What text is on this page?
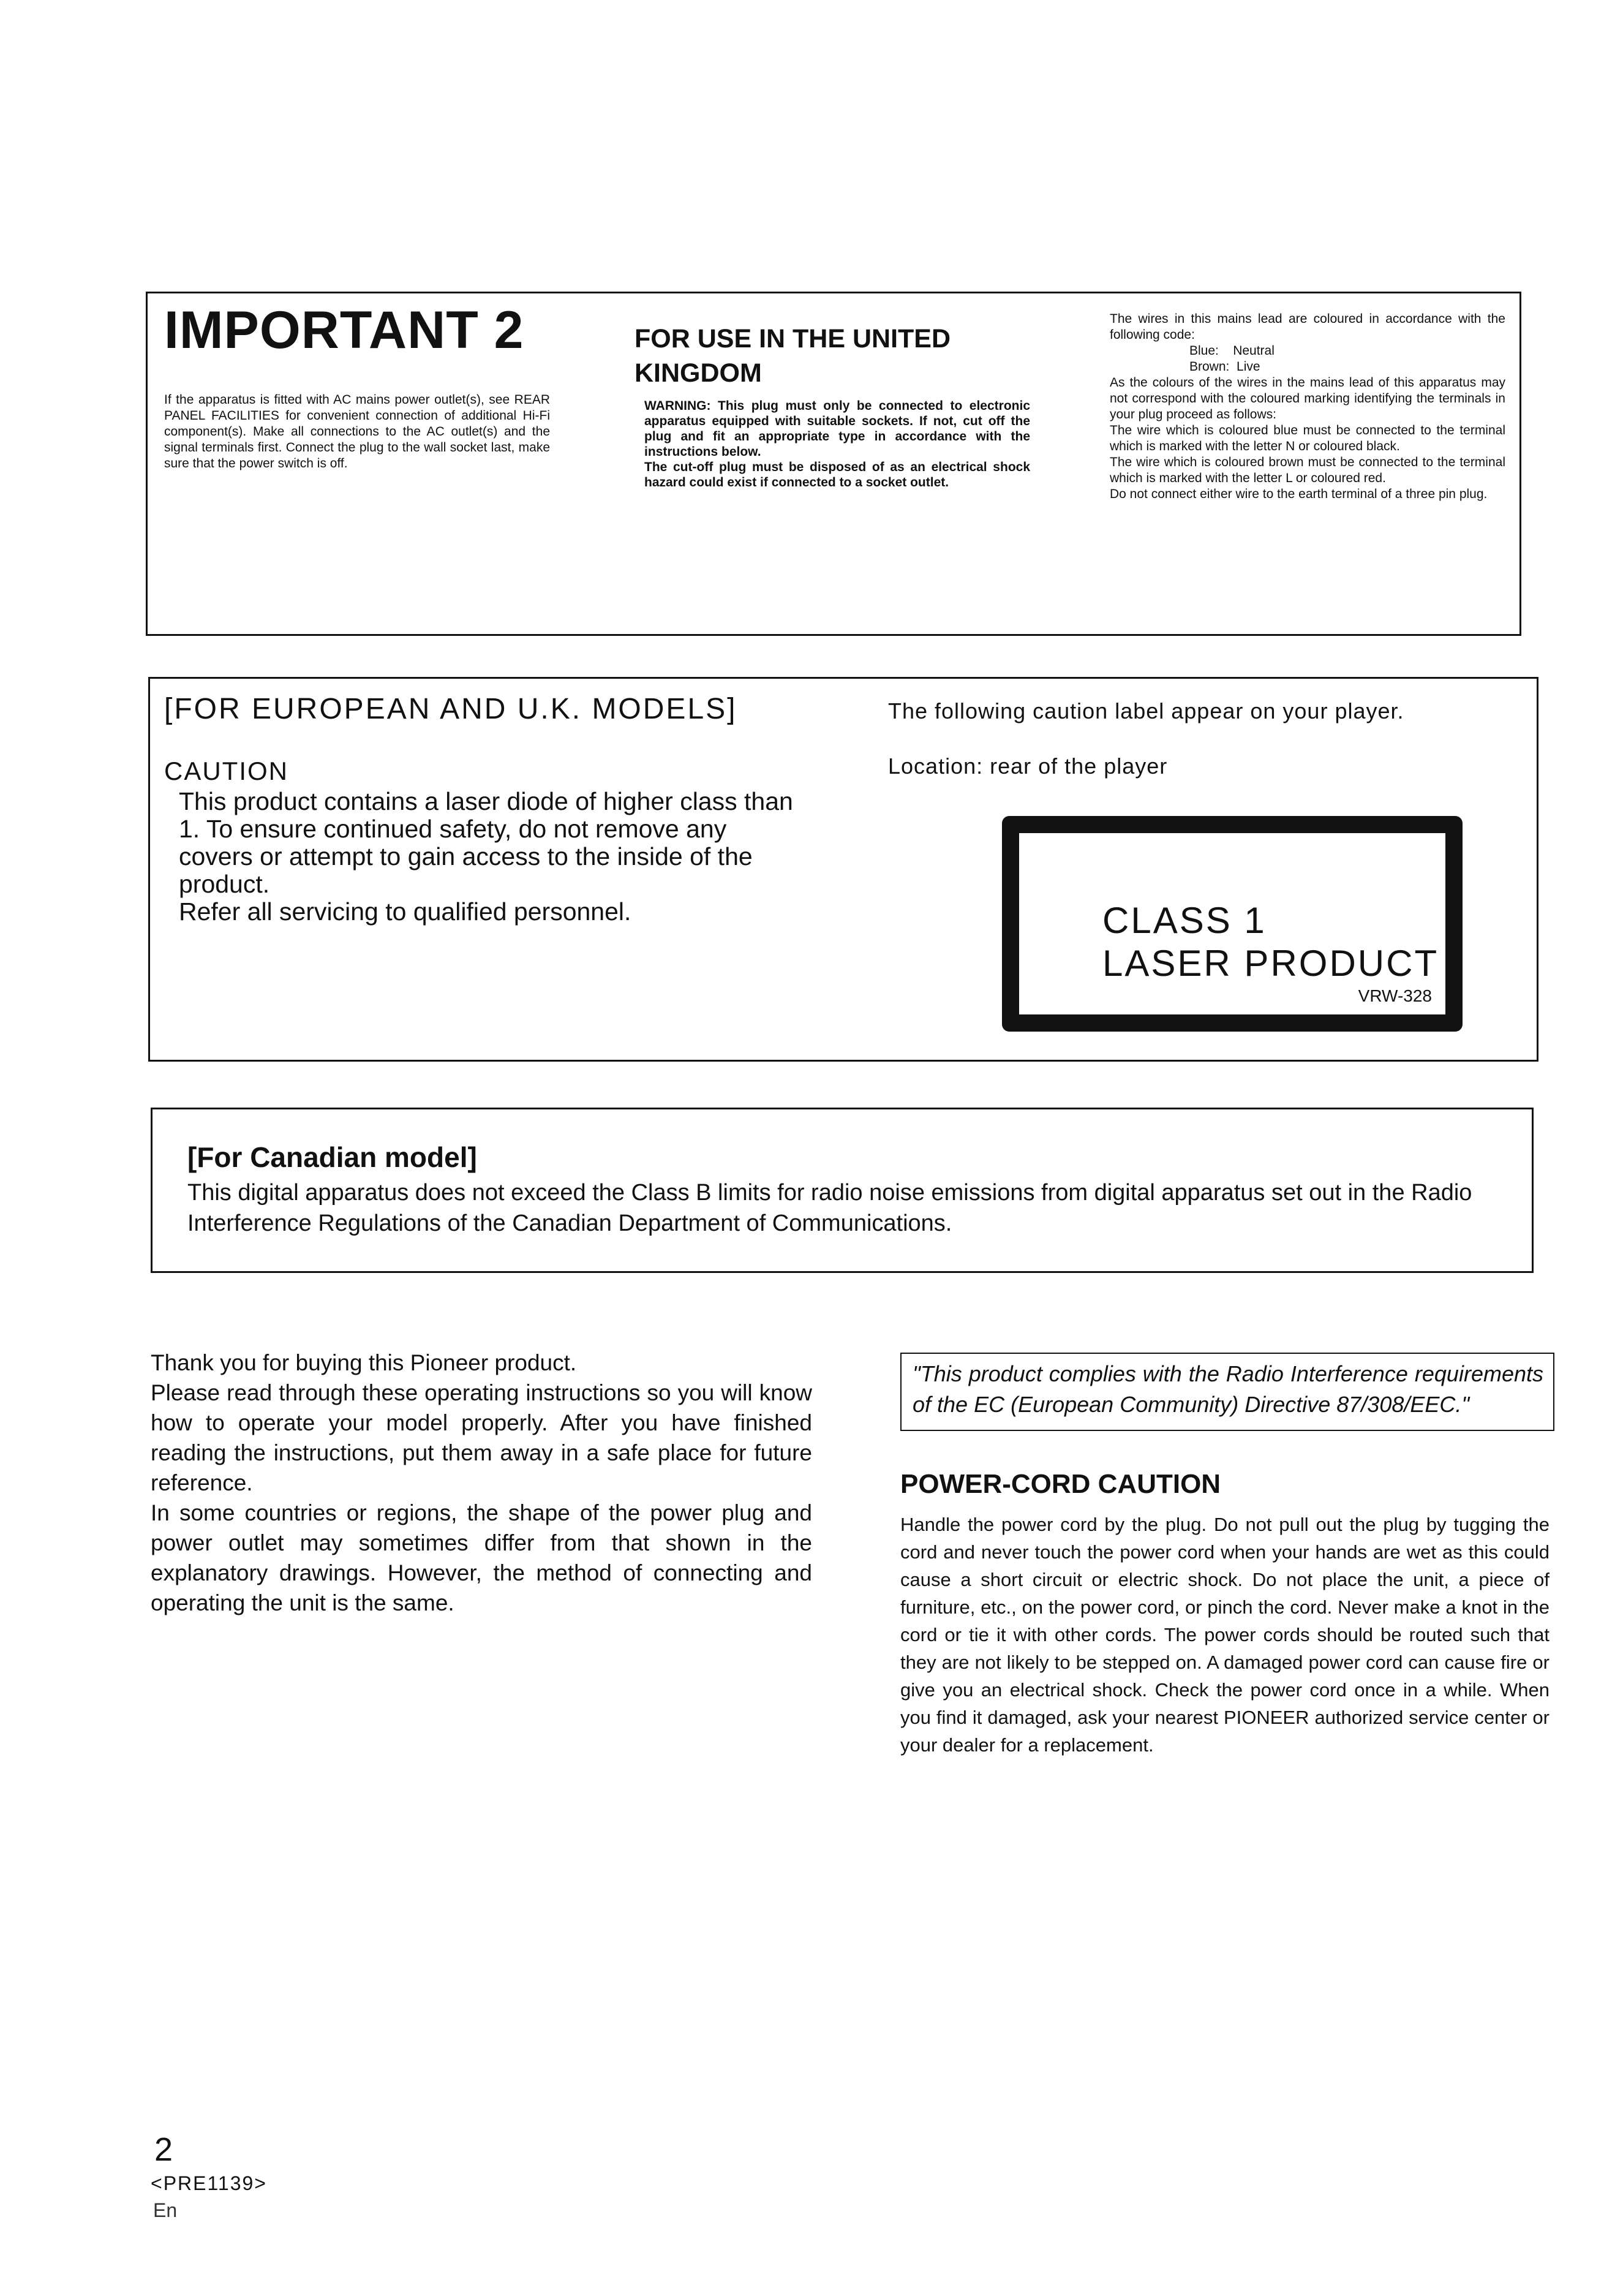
IMPORTANT 2
If the apparatus is fitted with AC mains power outlet(s), see REAR PANEL FACILITIES for convenient connection of additional Hi-Fi component(s). Make all connections to the AC outlet(s) and the signal terminals first. Connect the plug to the wall socket last, make sure that the power switch is off.
FOR USE IN THE UNITED KINGDOM
WARNING: This plug must only be connected to electronic apparatus equipped with suitable sockets. If not, cut off the plug and fit an appropriate type in accordance with the instructions below.
The cut-off plug must be disposed of as an electrical shock hazard could exist if connected to a socket outlet.
The wires in this mains lead are coloured in accordance with the following code:
Blue:    Neutral
Brown:  Live
As the colours of the wires in the mains lead of this apparatus may not correspond with the coloured marking identifying the terminals in your plug proceed as follows:
The wire which is coloured blue must be connected to the terminal which is marked with the letter N or coloured black.
The wire which is coloured brown must be connected to the terminal which is marked with the letter L or coloured red.
Do not connect either wire to the earth terminal of a three pin plug.
[FOR EUROPEAN AND U.K. MODELS]
CAUTION
This product contains a laser diode of higher class than 1. To ensure continued safety, do not remove any covers or attempt to gain access to the inside of the product.
Refer all servicing to qualified personnel.
The following caution label appear on your player.
Location: rear of the player
CLASS 1
LASER PRODUCT
VRW-328
[For Canadian model]
This digital apparatus does not exceed the Class B limits for radio noise emissions from digital apparatus set out in the Radio Interference Regulations of the Canadian Department of Communications.
Thank you for buying this Pioneer product.
Please read through these operating instructions so you will know how to operate your model properly. After you have finished reading the instructions, put them away in a safe place for future reference.
In some countries or regions, the shape of the power plug and power outlet may sometimes differ from that shown in the explanatory drawings. However, the method of connecting and operating the unit is the same.
"This product complies with the Radio Interference requirements of the EC (European Community) Directive 87/308/EEC."
POWER-CORD CAUTION
Handle the power cord by the plug. Do not pull out the plug by tugging the cord and never touch the power cord when your hands are wet as this could cause a short circuit or electric shock. Do not place the unit, a piece of furniture, etc., on the power cord, or pinch the cord. Never make a knot in the cord or tie it with other cords. The power cords should be routed such that they are not likely to be stepped on. A damaged power cord can cause fire or give you an electrical shock. Check the power cord once in a while. When you find it damaged, ask your nearest PIONEER authorized service center or your dealer for a replacement.
2
<PRE1139>
En
